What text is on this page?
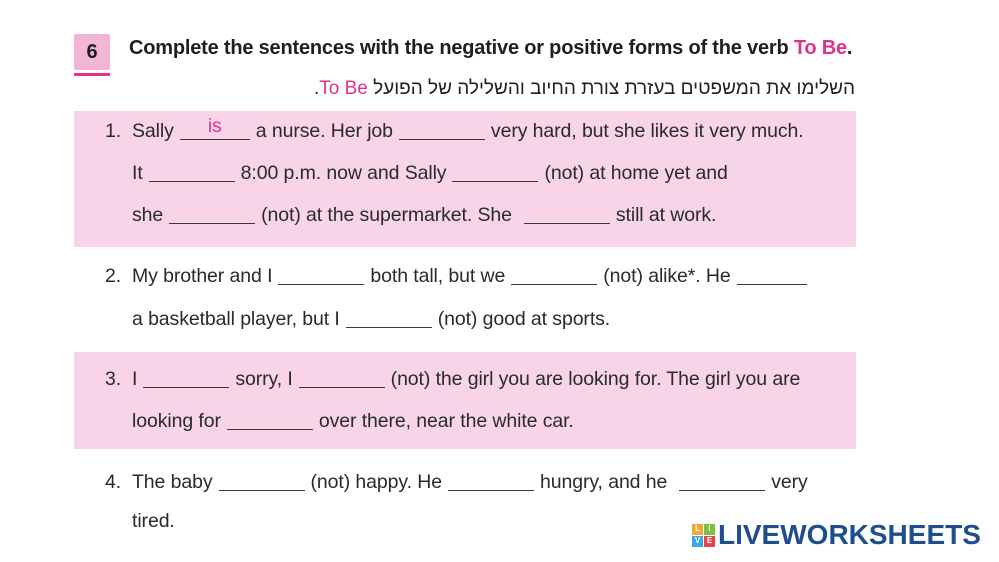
6 Complete the sentences with the negative or positive forms of the verb To Be.
השלימו את המשפטים בעזרת צורת החיוב והשלילה של הפועל To Be.
1. Sally	is	a nurse. Her job	very hard, but she likes it very much.
It	8:00 p.m. now and Sally	(not) at home yet and
she	(not) at the supermarket. She	still at work.
2. My brother and I	both tall, but we	(not) alike*. He
a basketball player, but I	(not) good at sports.
3. I	sorry, I	(not) the girl you are looking for. The girl you are
looking for	over there, near the white car.
4. The baby	(not) happy. He	hungry, and he	very
tired.	L	I
V E LIVEWORKSHEETS
